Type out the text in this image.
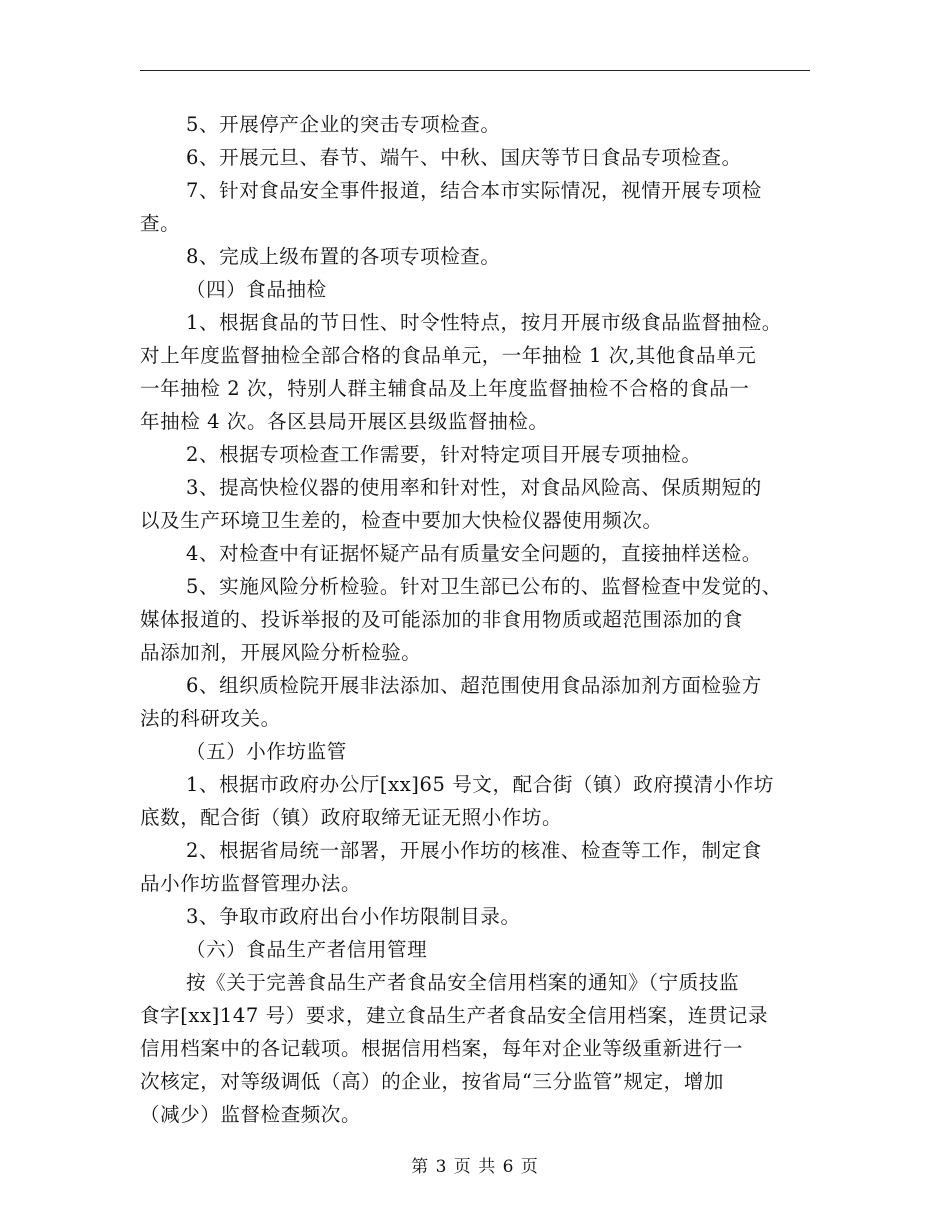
5、开展停产企业的突击专项检查。
6、开展元旦、春节、端午、中秋、国庆等节日食品专项检查。
7、针对食品安全事件报道，结合本市实际情况，视情开展专项检
查。
8、完成上级布置的各项专项检查。
（四）食品抽检
1、根据食品的节日性、时令性特点，按月开展市级食品监督抽检。
对上年度监督抽检全部合格的食品单元，一年抽检 1 次,其他食品单元
一年抽检 2 次，特别人群主辅食品及上年度监督抽检不合格的食品一
年抽检 4 次。各区县局开展区县级监督抽检。
2、根据专项检查工作需要，针对特定项目开展专项抽检。
3、提高快检仪器的使用率和针对性，对食品风险高、保质期短的
以及生产环境卫生差的，检查中要加大快检仪器使用频次。
4、对检查中有证据怀疑产品有质量安全问题的，直接抽样送检。
5、实施风险分析检验。针对卫生部已公布的、监督检查中发觉的、
媒体报道的、投诉举报的及可能添加的非食用物质或超范围添加的食
品添加剂，开展风险分析检验。
6、组织质检院开展非法添加、超范围使用食品添加剂方面检验方
法的科研攻关。
（五）小作坊监管
1、根据市政府办公厅[xx]65 号文，配合街（镇）政府摸清小作坊
底数，配合街（镇）政府取缔无证无照小作坊。
2、根据省局统一部署，开展小作坊的核准、检查等工作，制定食
品小作坊监督管理办法。
3、争取市政府出台小作坊限制目录。
（六）食品生产者信用管理
按《关于完善食品生产者食品安全信用档案的通知》（宁质技监
食字[xx]147 号）要求，建立食品生产者食品安全信用档案，连贯记录
信用档案中的各记载项。根据信用档案，每年对企业等级重新进行一
次核定，对等级调低（高）的企业，按省局“三分监管”规定，增加
（减少）监督检查频次。
第 3 页 共 6 页
